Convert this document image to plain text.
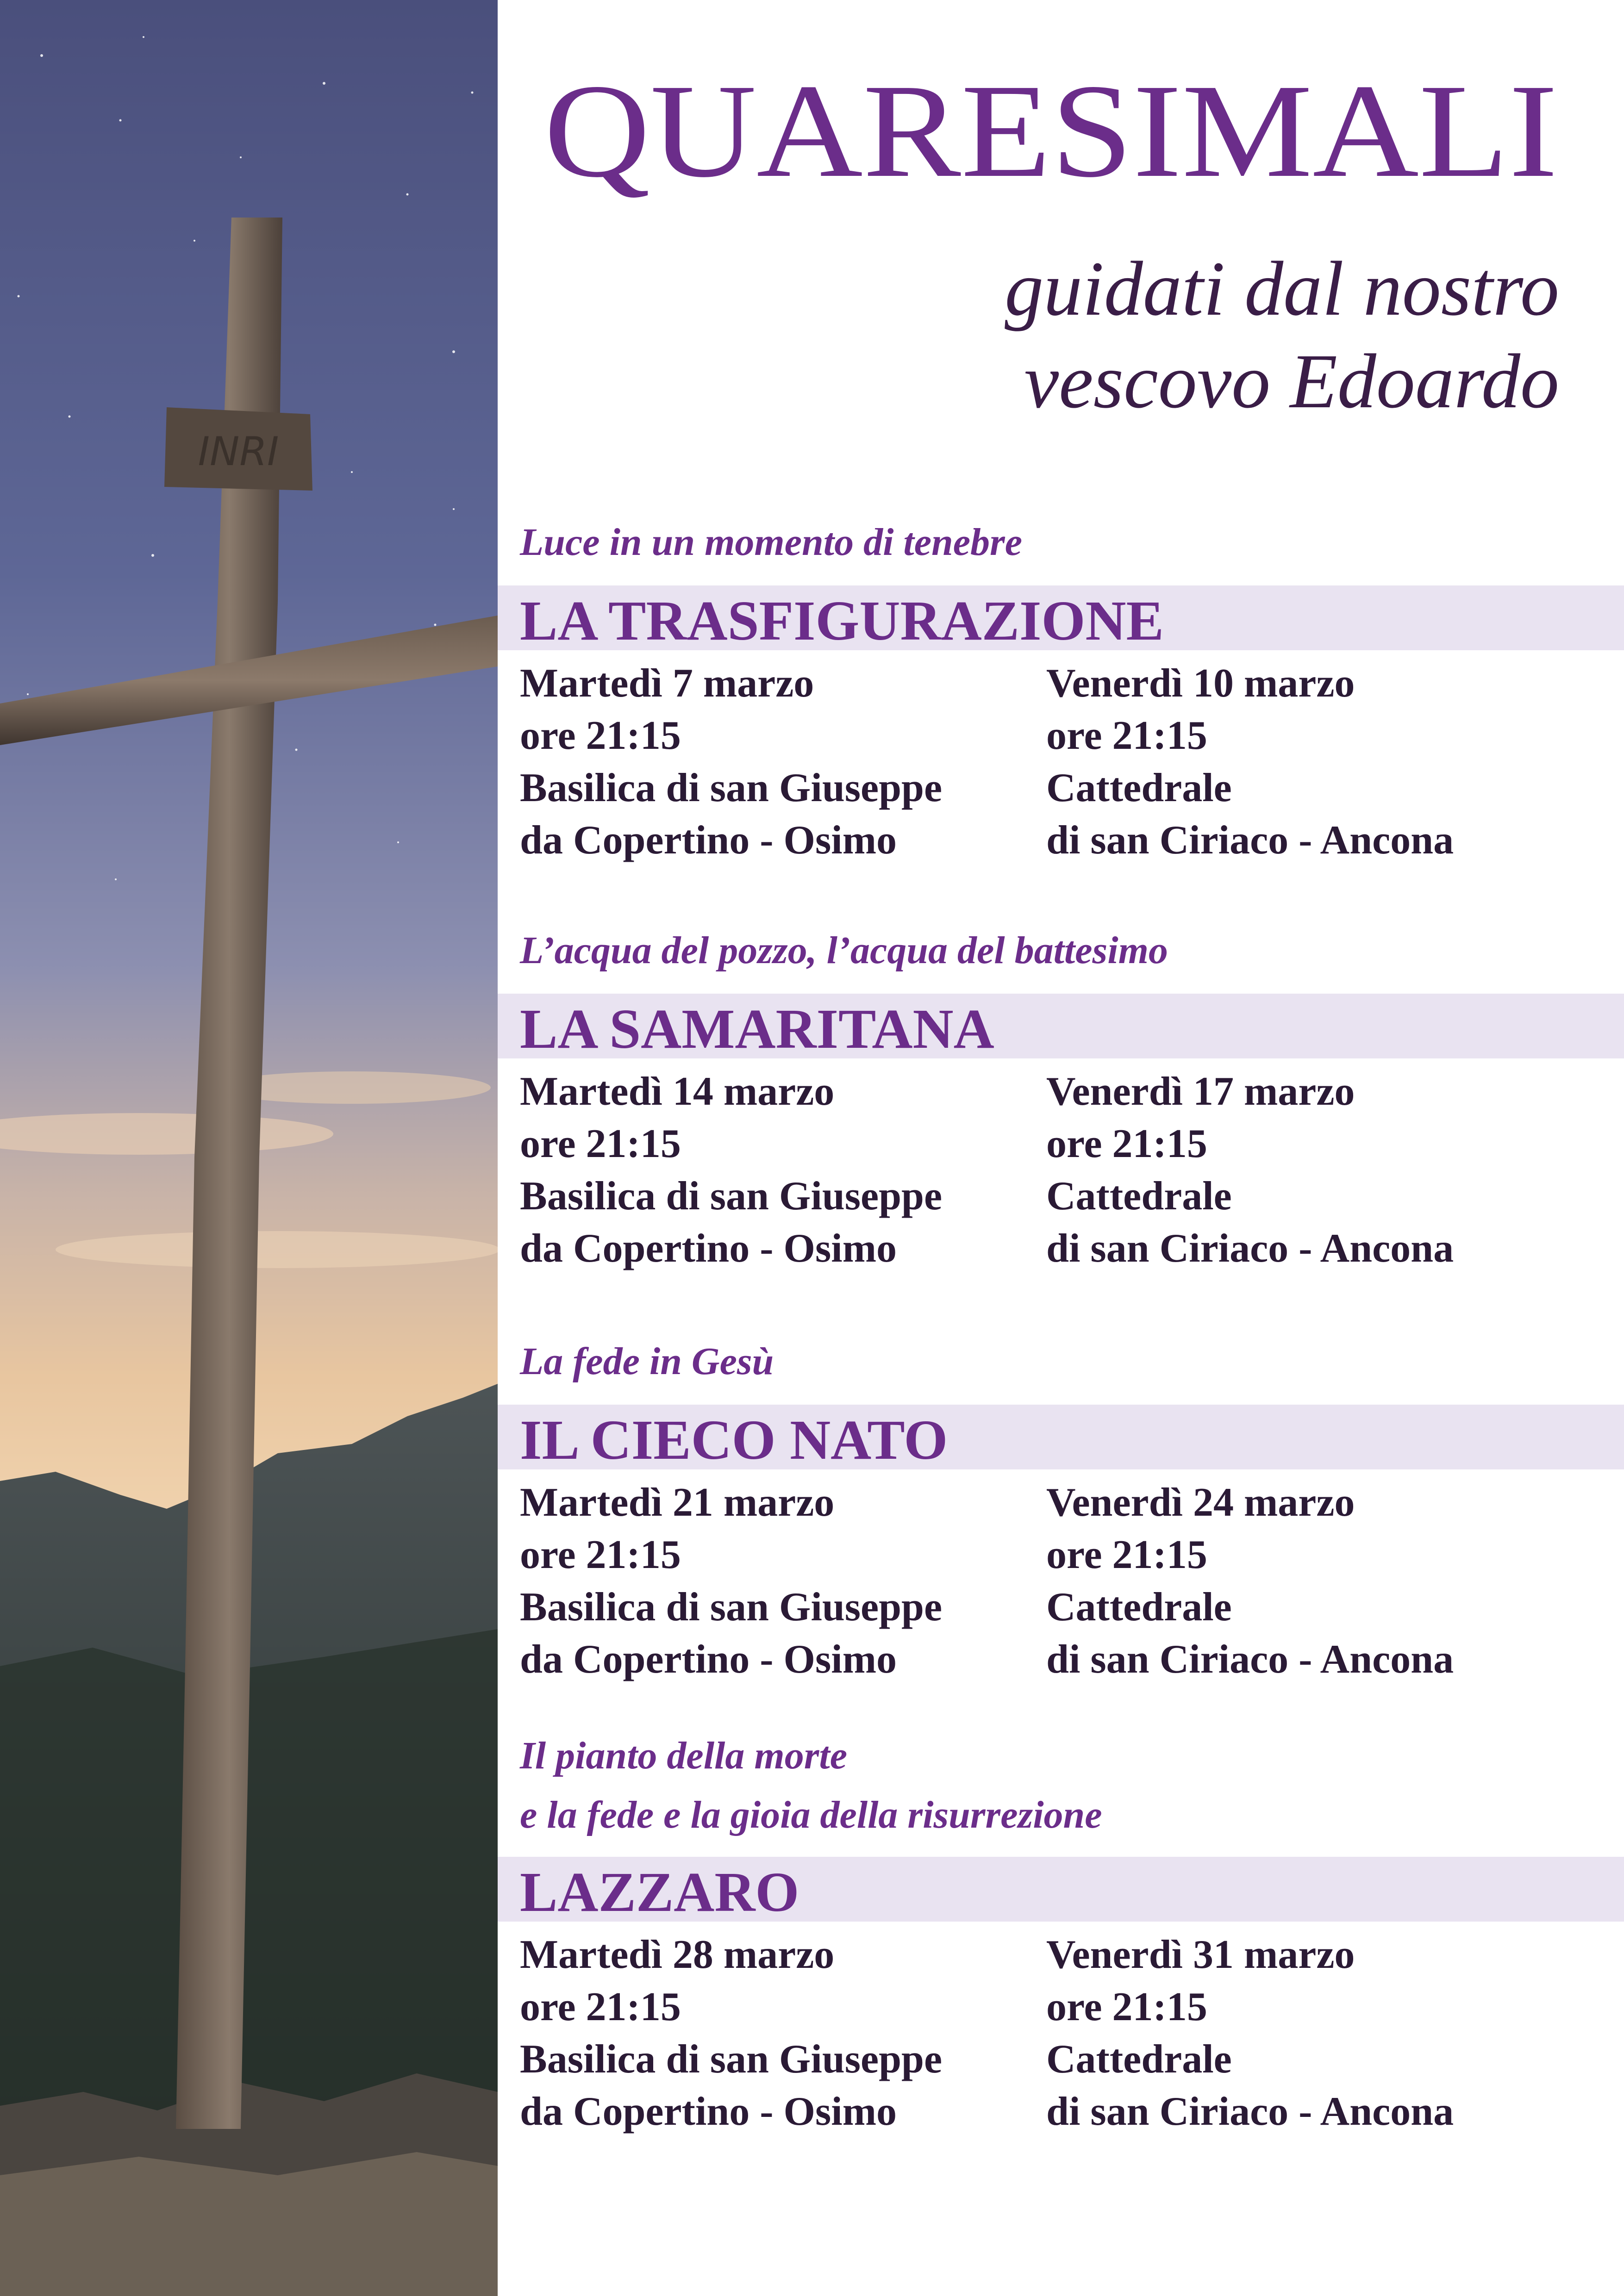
INRI
QUARESIMALI
guidati dal nostro
vescovo Edoardo
Luce in un momento di tenebre
LA TRASFIGURAZIONE
Martedì 7 marzo
ore 21:15
Basilica di san Giuseppe
da Copertino - Osimo
Venerdì 10 marzo
ore 21:15
Cattedrale
di san Ciriaco - Ancona
L’acqua del pozzo, l’acqua del battesimo
LA SAMARITANA
Martedì 14 marzo
ore 21:15
Basilica di san Giuseppe
da Copertino - Osimo
Venerdì 17 marzo
ore 21:15
Cattedrale
di san Ciriaco - Ancona
La fede in Gesù
IL CIECO NATO
Martedì 21 marzo
ore 21:15
Basilica di san Giuseppe
da Copertino - Osimo
Venerdì 24 marzo
ore 21:15
Cattedrale
di san Ciriaco - Ancona
Il pianto della morte
e la fede e la gioia della risurrezione
LAZZARO
Martedì 28 marzo
ore 21:15
Basilica di san Giuseppe
da Copertino - Osimo
Venerdì 31 marzo
ore 21:15
Cattedrale
di san Ciriaco - Ancona
